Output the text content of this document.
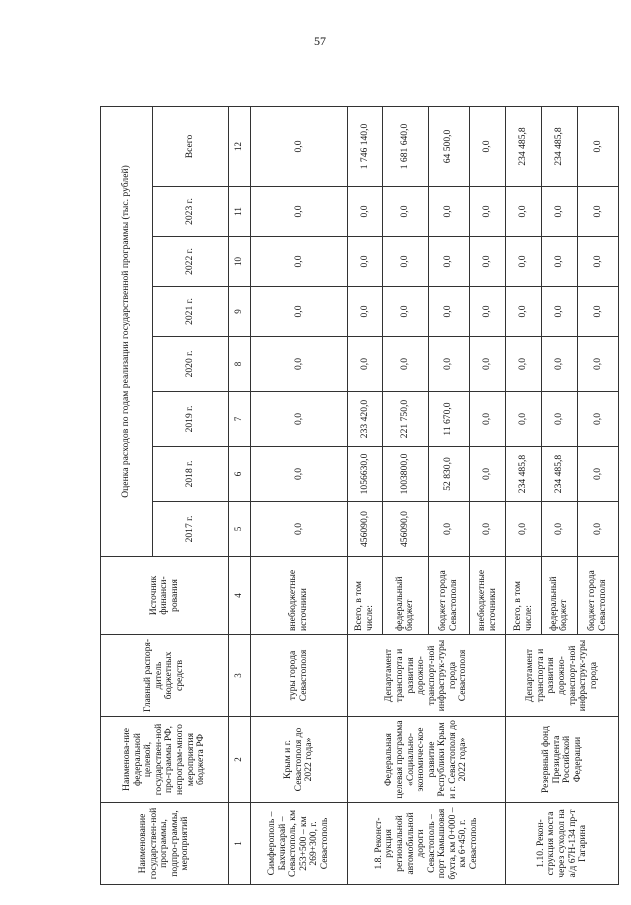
57
Наименование государствен-ной программы, подпро-граммы, мероприятий	Наименова-ние федеральной целевой, государствен-ной про-граммы РФ, непрограм-много мероприятия бюджета РФ	Главный распоря-дитель бюджетных средств	Источник финанси-рования	Оценка расходов по годам реализации государственной программы (тыс. рублей)							
				2017 г.	2018 г.	2019 г.	2020 г.	2021 г.	2022 г.	2023 г.	Всего
1	2	3	4	5	6	7	8	9	10	11	12
Симферополь – Бахчисарай – Севастополь, км 253+500 – км 269+300, г. Севастополь	Крым и г. Севастополя до 2022 года»	туры города Севастополя	внебюджетные источники	0,0	0,0	0,0	0,0	0,0	0,0	0,0	0,0
1.8. Реконст-рукция региональной автомобильной дороги Севастополь – порт Камышовая бухта, км 0+000 – км 6+450, г. Севастополь	Федеральная целевая программа «Социально-экономичес-кое развитие Республики Крым и г. Севастополя до 2022 года»	Департамент транспорта и развития дорожно-транспорт-ной инфраструк-туры города Севастополя	Всего, в том числе:	456090,0	1056630,0	233 420,0	0,0	0,0	0,0	0,0	1 746 140,0
			федеральный бюджет	456090,0	1003800,0	221 750,0	0,0	0,0	0,0	0,0	1 681 640,0
			бюджет города Севастополя	0,0	52 830,0	11 670,0	0,0	0,0	0,0	0,0	64 500,0
			внебюджетные источники	0,0	0,0	0,0	0,0	0,0	0,0	0,0	0,0
1.10. Рекон-струкция моста через суходол на а/д 67Н-134 пр-т Гагарина	Резервный фонд Президента Российской Федерации	Департамент транспорта и развития дорожно-транспорт-ной инфраструк-туры города	Всего, в том числе:	0,0	234 485,8	0,0	0,0	0,0	0,0	0,0	234 485,8
			федеральный бюджет	0,0	234 485,8	0,0	0,0	0,0	0,0	0,0	234 485,8
			бюджет города Севастополя	0,0	0,0	0,0	0,0	0,0	0,0	0,0	0,0
